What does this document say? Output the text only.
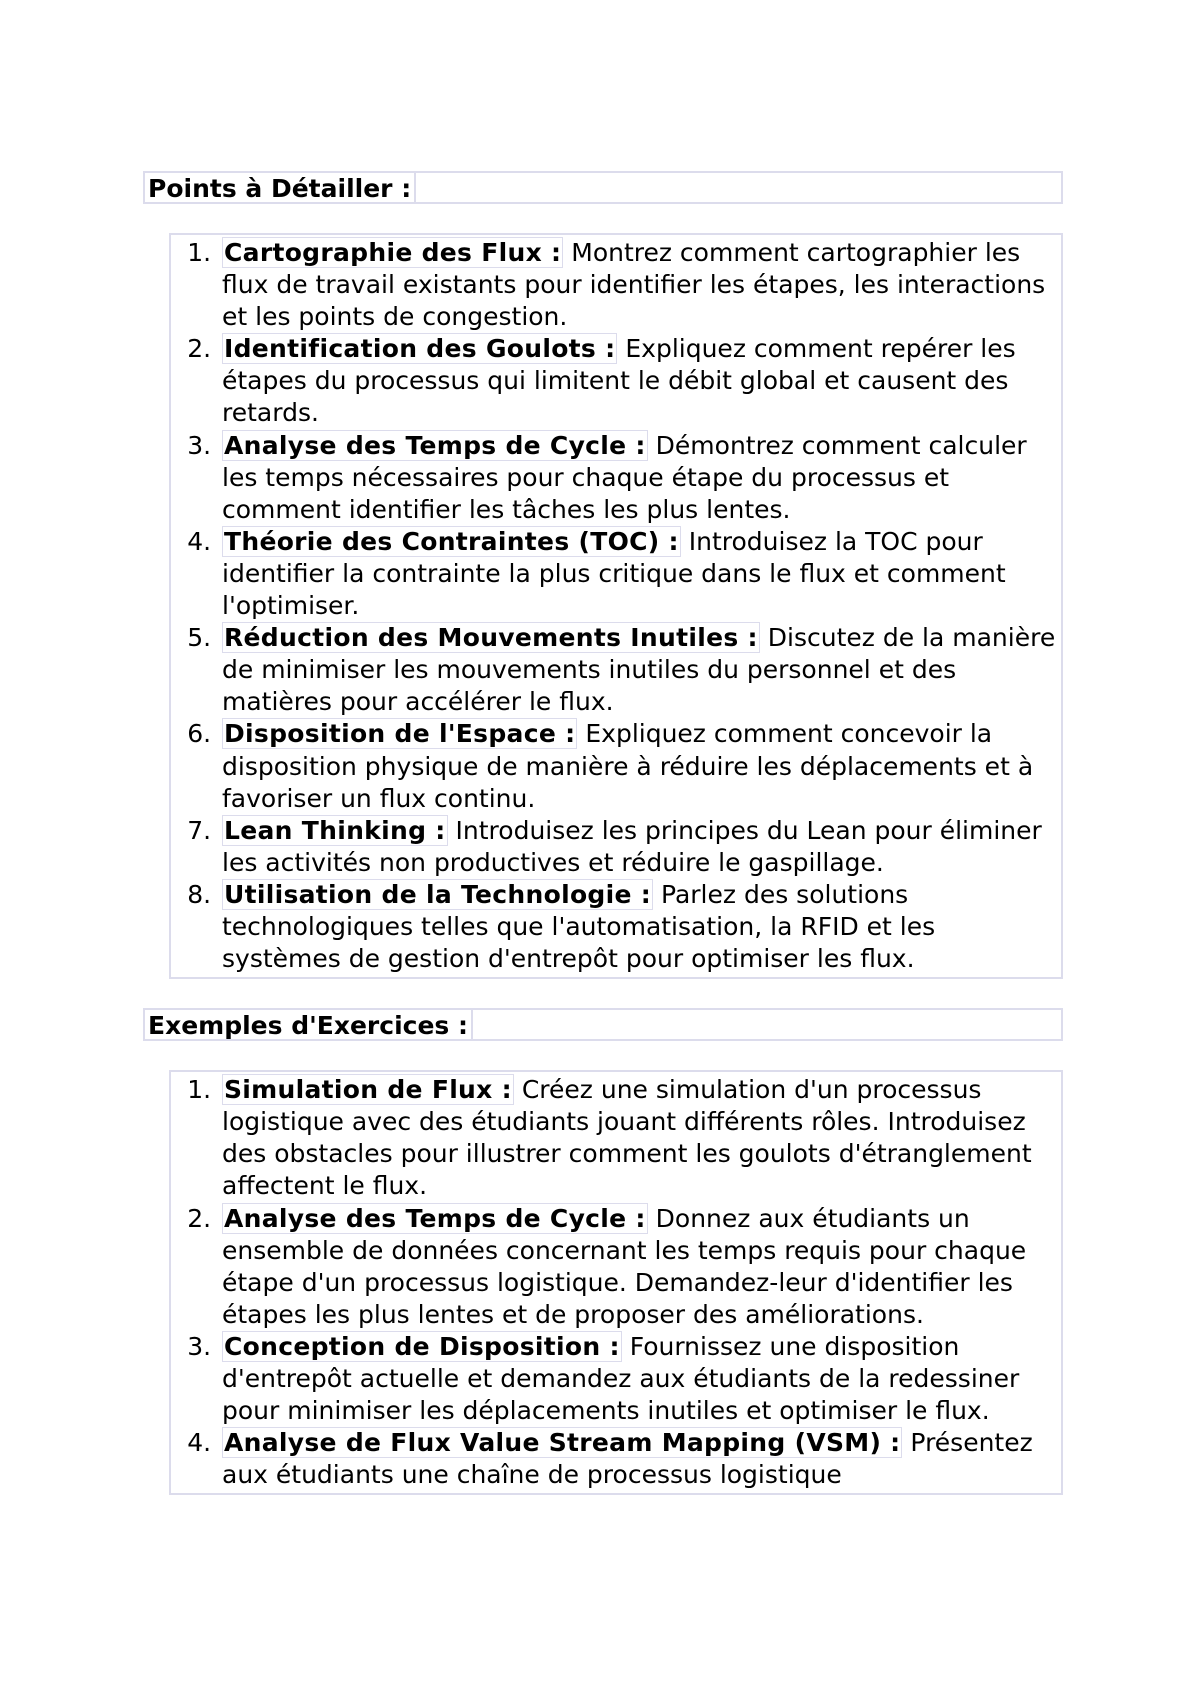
Points à Détailler :
1. Cartographie des Flux : Montrez comment cartographier les flux de travail existants pour identifier les étapes, les interactions et les points de congestion.
2. Identification des Goulots : Expliquez comment repérer les étapes du processus qui limitent le débit global et causent des retards.
3. Analyse des Temps de Cycle : Démontrez comment calculer les temps nécessaires pour chaque étape du processus et comment identifier les tâches les plus lentes.
4. Théorie des Contraintes (TOC) : Introduisez la TOC pour identifier la contrainte la plus critique dans le flux et comment l'optimiser.
5. Réduction des Mouvements Inutiles : Discutez de la manière de minimiser les mouvements inutiles du personnel et des matières pour accélérer le flux.
6. Disposition de l'Espace : Expliquez comment concevoir la disposition physique de manière à réduire les déplacements et à favoriser un flux continu.
7. Lean Thinking : Introduisez les principes du Lean pour éliminer les activités non productives et réduire le gaspillage.
8. Utilisation de la Technologie : Parlez des solutions technologiques telles que l'automatisation, la RFID et les systèmes de gestion d'entrepôt pour optimiser les flux.
Exemples d'Exercices :
1. Simulation de Flux : Créez une simulation d'un processus logistique avec des étudiants jouant différents rôles. Introduisez des obstacles pour illustrer comment les goulots d'étranglement affectent le flux.
2. Analyse des Temps de Cycle : Donnez aux étudiants un ensemble de données concernant les temps requis pour chaque étape d'un processus logistique. Demandez-leur d'identifier les étapes les plus lentes et de proposer des améliorations.
3. Conception de Disposition : Fournissez une disposition d'entrepôt actuelle et demandez aux étudiants de la redessiner pour minimiser les déplacements inutiles et optimiser le flux.
4. Analyse de Flux Value Stream Mapping (VSM) : Présentez aux étudiants une chaîne de processus logistique
